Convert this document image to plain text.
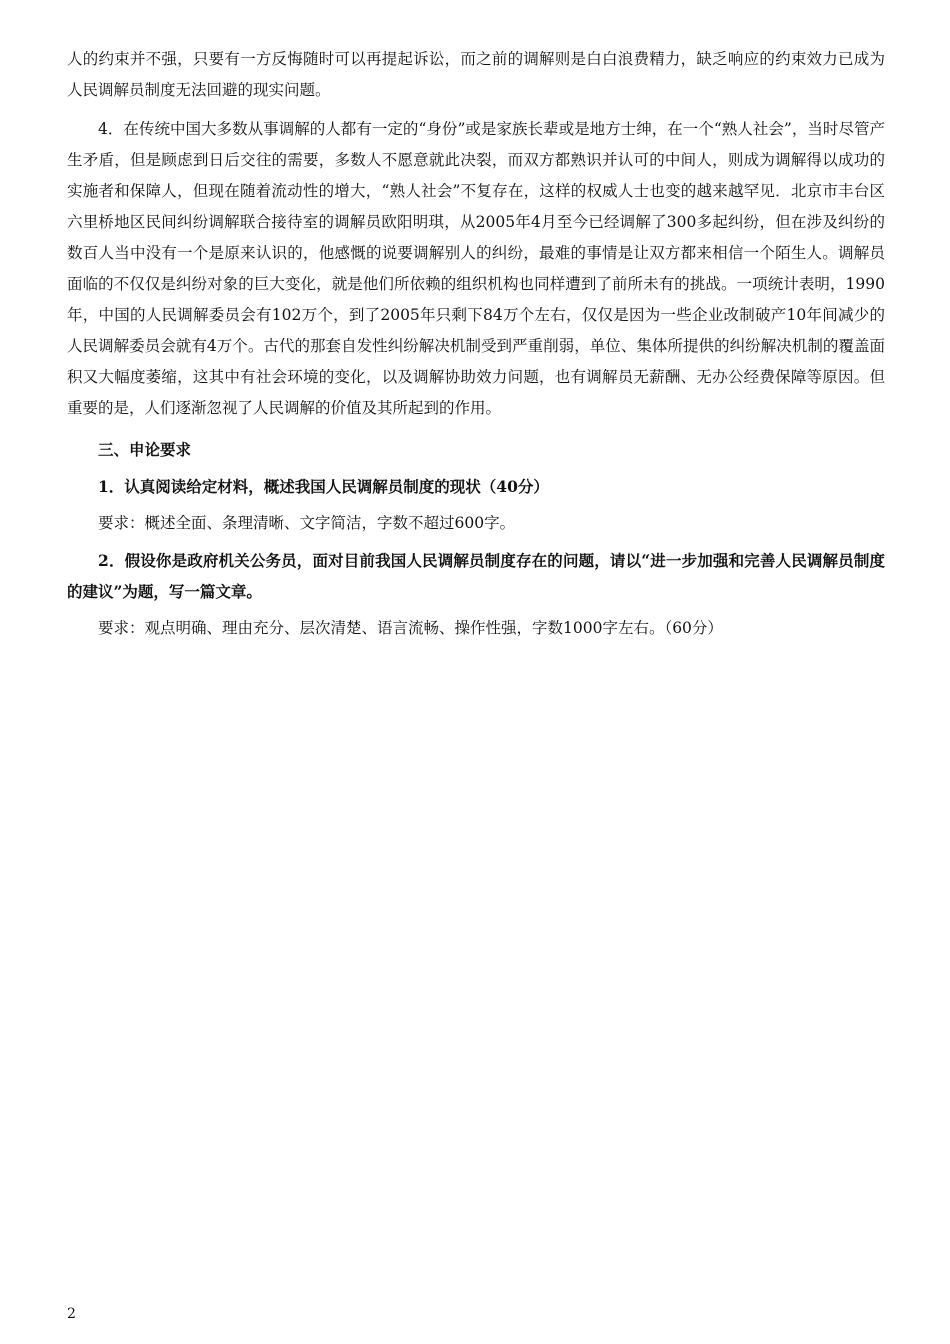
人的约束并不强，只要有一方反悔随时可以再提起诉讼，而之前的调解则是白白浪费精力，缺乏响应的约束效力已成为人民调解员制度无法回避的现实问题。

4．在传统中国大多数从事调解的人都有一定的“身份”或是家族长辈或是地方士绅，在一个“熟人社会”，当时尽管产生矛盾，但是顾虑到日后交往的需要，多数人不愿意就此决裂，而双方都熟识并认可的中间人，则成为调解得以成功的实施者和保障人，但现在随着流动性的增大，“熟人社会”不复存在，这样的权威人士也变的越来越罕见．北京市丰台区六里桥地区民间纠纷调解联合接待室的调解员欧阳明琪，从2005年4月至今已经调解了300多起纠纷，但在涉及纠纷的数百人当中没有一个是原来认识的，他感慨的说要调解别人的纠纷，最难的事情是让双方都来相信一个陌生人。调解员面临的不仅仅是纠纷对象的巨大变化，就是他们所依赖的组织机构也同样遭到了前所未有的挑战。一项统计表明，1990年，中国的人民调解委员会有102万个，到了2005年只剩下84万个左右，仅仅是因为一些企业改制破产10年间减少的人民调解委员会就有4万个。古代的那套自发性纠纷解决机制受到严重削弱，单位、集体所提供的纠纷解决机制的覆盖面积又大幅度萎缩，这其中有社会环境的变化，以及调解协助效力问题，也有调解员无薪酬、无办公经费保障等原因。但重要的是，人们逐渐忽视了人民调解的价值及其所起到的作用。

三、申论要求

1．认真阅读给定材料，概述我国人民调解员制度的现状（40分）

要求：概述全面、条理清晰、文字简洁，字数不超过600字。

2．假设你是政府机关公务员，面对目前我国人民调解员制度存在的问题，请以“进一步加强和完善人民调解员制度的建议”为题，写一篇文章。

要求：观点明确、理由充分、层次清楚、语言流畅、操作性强，字数1000字左右。（60分）

2
